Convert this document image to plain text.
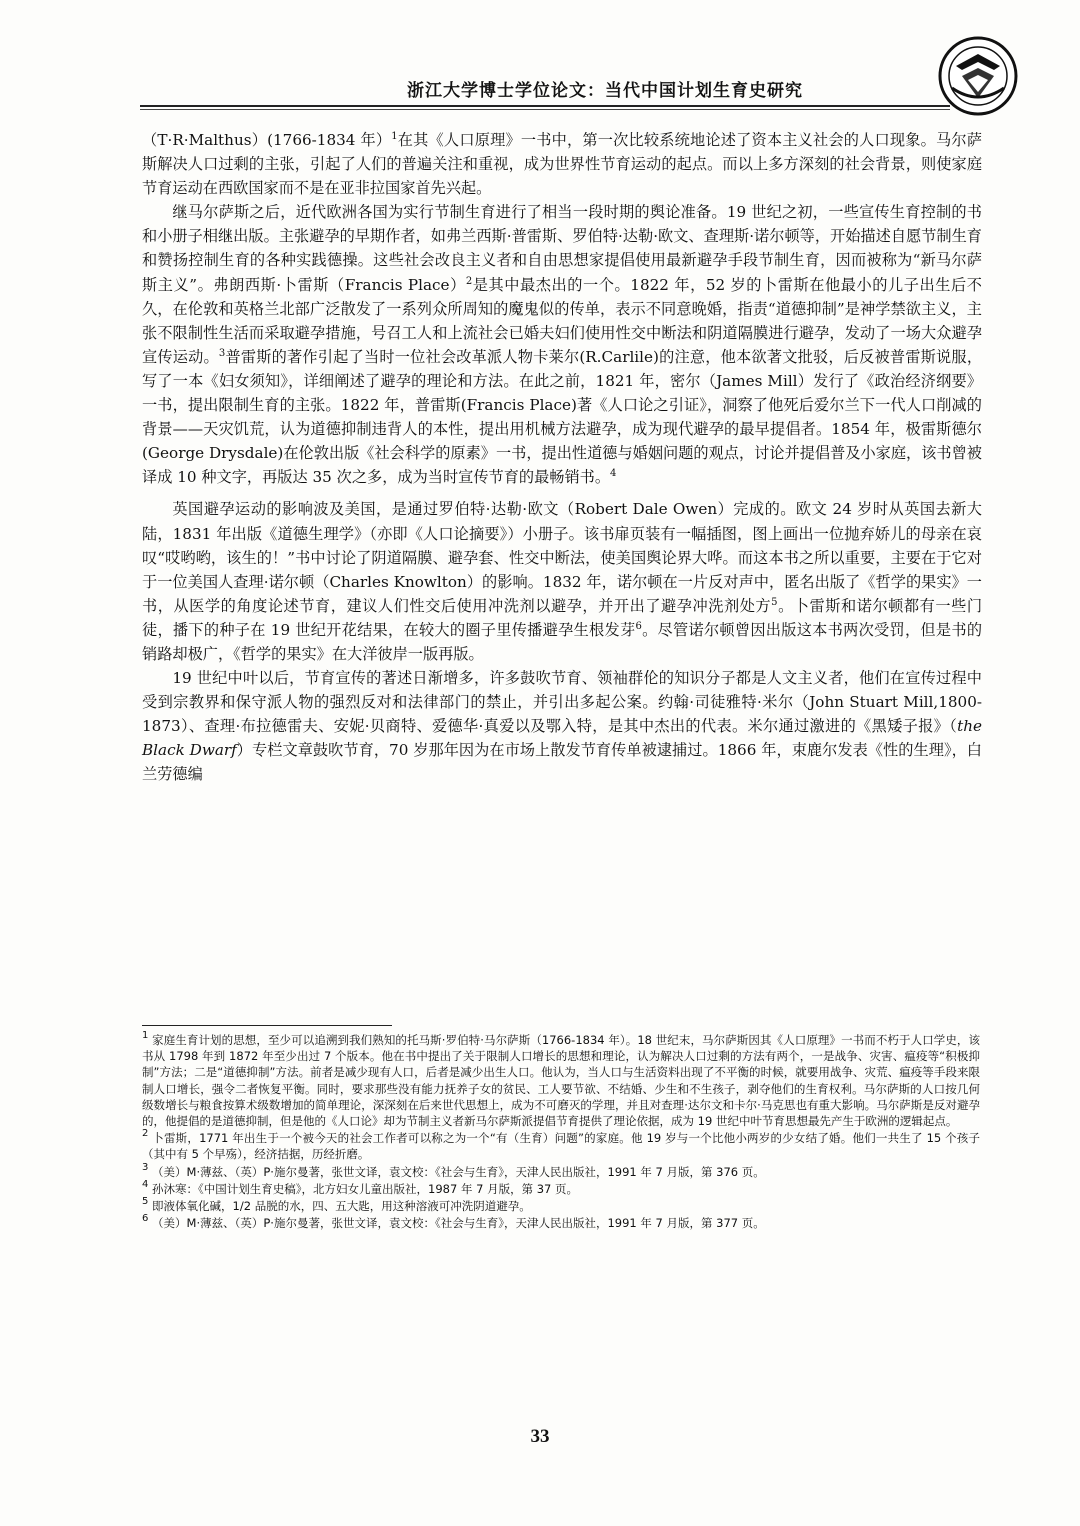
浙江大学博士学位论文：当代中国计划生育史研究

（T·R·Malthus）(1766-1834 年）$^1$在其《人口原理》一书中，第一次比较系统地论述了资本主义社会的人口现象。马尔萨斯解决人口过剩的主张，引起了人们的普遍关注和重视，成为世界性节育运动的起点。而以上多方深刻的社会背景，则使家庭节育运动在西欧国家而不是在亚非拉国家首先兴起。

继马尔萨斯之后，近代欧洲各国为实行节制生育进行了相当一段时期的舆论准备。19 世纪之初，一些宣传生育控制的书和小册子相继出版。主张避孕的早期作者，如弗兰西斯·普雷斯、罗伯特·达勒·欧文、查理斯·诺尔顿等，开始描述自愿节制生育和赞扬控制生育的各种实践德操。这些社会改良主义者和自由思想家提倡使用最新避孕手段节制生育，因而被称为“新马尔萨斯主义”。弗朗西斯·卜雷斯（Francis Place）$^2$是其中最杰出的一个。1822 年，52 岁的卜雷斯在他最小的儿子出生后不久，在伦敦和英格兰北部广泛散发了一系列众所周知的魔鬼似的传单，表示不同意晚婚，指责“道德抑制”是神学禁欲主义，主张不限制性生活而采取避孕措施，号召工人和上流社会已婚夫妇们使用性交中断法和阴道隔膜进行避孕，发动了一场大众避孕宣传运动。$^3$普雷斯的著作引起了当时一位社会改革派人物卡莱尔(R.Carlile)的注意，他本欲著文批驳，后反被普雷斯说服，写了一本《妇女须知》，详细阐述了避孕的理论和方法。在此之前，1821 年，密尔（James Mill）发行了《政治经济纲要》一书，提出限制生育的主张。1822 年，普雷斯(Francis Place)著《人口论之引证》，洞察了他死后爱尔兰下一代人口削减的背景——天灾饥荒，认为道德抑制违背人的本性，提出用机械方法避孕，成为现代避孕的最早提倡者。1854 年，极雷斯德尔(George Drysdale)在伦敦出版《社会科学的原素》一书，提出性道德与婚姻问题的观点，讨论并提倡普及小家庭，该书曾被译成 10 种文字，再版达 35 次之多，成为当时宣传节育的最畅销书。$^4$

英国避孕运动的影响波及美国，是通过罗伯特·达勒·欧文（Robert Dale Owen）完成的。欧文 24 岁时从英国去新大陆，1831 年出版《道德生理学》（亦即《人口论摘要》）小册子。该书扉页装有一幅插图，图上画出一位抛弃娇儿的母亲在哀叹“哎哟哟，该生的！”书中讨论了阴道隔膜、避孕套、性交中断法，使美国舆论界大哗。而这本书之所以重要，主要在于它对于一位美国人查理·诺尔顿（Charles Knowlton）的影响。1832 年，诺尔顿在一片反对声中，匿名出版了《哲学的果实》一书，从医学的角度论述节育，建议人们性交后使用冲洗剂以避孕，并开出了避孕冲洗剂处方$^5$。卜雷斯和诺尔顿都有一些门徒，播下的种子在 19 世纪开花结果，在较大的圈子里传播避孕生根发芽$^6$。尽管诺尔顿曾因出版这本书两次受罚，但是书的销路却极广，《哲学的果实》在大洋彼岸一版再版。

19 世纪中叶以后，节育宣传的著述日渐增多，许多鼓吹节育、领袖群伦的知识分子都是人文主义者，他们在宣传过程中受到宗教界和保守派人物的强烈反对和法律部门的禁止，并引出多起公案。约翰·司徒雅特·米尔（John Stuart Mill,1800-1873）、查理·布拉德雷夫、安妮·贝商特、爱德华·真爱以及鄂入特，是其中杰出的代表。米尔通过激进的《黑矮子报》（the Black Dwarf）专栏文章鼓吹节育，70 岁那年因为在市场上散发节育传单被逮捕过。1866 年，束鹿尔发表《性的生理》，白兰劳德编

$^1$ 家庭生育计划的思想，至少可以追溯到我们熟知的托马斯·罗伯特·马尔萨斯（1766-1834 年）。18 世纪末，马尔萨斯因其《人口原理》一书而不朽于人口学史，该书从 1798 年到 1872 年至少出过 7 个版本。他在书中提出了关于限制人口增长的思想和理论，认为解决人口过剩的方法有两个，一是战争、灾害、瘟疫等“积极抑制”方法；二是“道德抑制”方法。前者是减少现有人口，后者是减少出生人口。他认为，当人口与生活资料出现了不平衡的时候，就要用战争、灾荒、瘟疫等手段来限制人口增长，强令二者恢复平衡。同时，要求那些没有能力抚养子女的贫民、工人要节欲、不结婚、少生和不生孩子，剥夺他们的生育权利。马尔萨斯的人口按几何级数增长与粮食按算术级数增加的简单理论，深深刻在后来世代思想上，成为不可磨灭的学理，并且对查理·达尔文和卡尔·马克思也有重大影响。马尔萨斯是反对避孕的，他提倡的是道德抑制，但是他的《人口论》却为节制主义者新马尔萨斯派提倡节育提供了理论依据，成为 19 世纪中叶节育思想最先产生于欧洲的逻辑起点。

$^2$ 卜雷斯，1771 年出生于一个被今天的社会工作者可以称之为一个“有（生育）问题”的家庭。他 19 岁与一个比他小两岁的少女结了婚。他们一共生了 15 个孩子（其中有 5 个早殇），经济拮据，历经折磨。

$^3$ （美）M·薄兹、（英）P·施尔曼著，张世文译，袁文校：《社会与生育》，天津人民出版社，1991 年 7 月版，第 376 页。

$^4$ 孙沐寒：《中国计划生育史稿》，北方妇女儿童出版社，1987 年 7 月版，第 37 页。

$^5$ 即液体氧化碱，1/2 品脱的水，四、五大匙，用这种溶液可冲洗阴道避孕。

$^6$ （美）M·薄兹、（英）P·施尔曼著，张世文译，袁文校：《社会与生育》，天津人民出版社，1991 年 7 月版，第 377 页。

33
